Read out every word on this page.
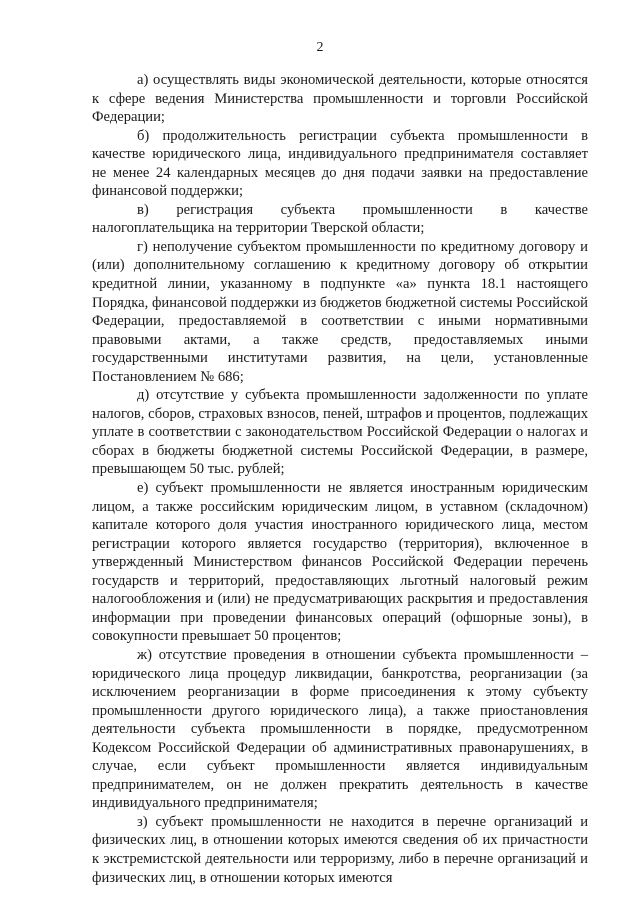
2

а) осуществлять виды экономической деятельности, которые относятся к сфере ведения Министерства промышленности и торговли Российской Федерации;

б) продолжительность регистрации субъекта промышленности в качестве юридического лица, индивидуального предпринимателя составляет не менее 24 календарных месяцев до дня подачи заявки на предоставление финансовой поддержки;

в) регистрация субъекта промышленности в качестве налогоплательщика на территории Тверской области;

г) неполучение субъектом промышленности по кредитному договору и (или) дополнительному соглашению к кредитному договору об открытии кредитной линии, указанному в подпункте «а» пункта 18.1 настоящего Порядка, финансовой поддержки из бюджетов бюджетной системы Российской Федерации, предоставляемой в соответствии с иными нормативными правовыми актами, а также средств, предоставляемых иными государственными институтами развития, на цели, установленные Постановлением № 686;

д) отсутствие у субъекта промышленности задолженности по уплате налогов, сборов, страховых взносов, пеней, штрафов и процентов, подлежащих уплате в соответствии с законодательством Российской Федерации о налогах и сборах в бюджеты бюджетной системы Российской Федерации, в размере, превышающем 50 тыс. рублей;

е) субъект промышленности не является иностранным юридическим лицом, а также российским юридическим лицом, в уставном (складочном) капитале которого доля участия иностранного юридического лица, местом регистрации которого является государство (территория), включенное в утвержденный Министерством финансов Российской Федерации перечень государств и территорий, предоставляющих льготный налоговый режим налогообложения и (или) не предусматривающих раскрытия и предоставления информации при проведении финансовых операций (офшорные зоны), в совокупности превышает 50 процентов;

ж) отсутствие проведения в отношении субъекта промышленности – юридического лица процедур ликвидации, банкротства, реорганизации (за исключением реорганизации в форме присоединения к этому субъекту промышленности другого юридического лица), а также приостановления деятельности субъекта промышленности в порядке, предусмотренном Кодексом Российской Федерации об административных правонарушениях, в случае, если субъект промышленности является индивидуальным предпринимателем, он не должен прекратить деятельность в качестве индивидуального предпринимателя;

з) субъект промышленности не находится в перечне организаций и физических лиц, в отношении которых имеются сведения об их причастности к экстремистской деятельности или терроризму, либо в перечне организаций и физических лиц, в отношении которых имеются
